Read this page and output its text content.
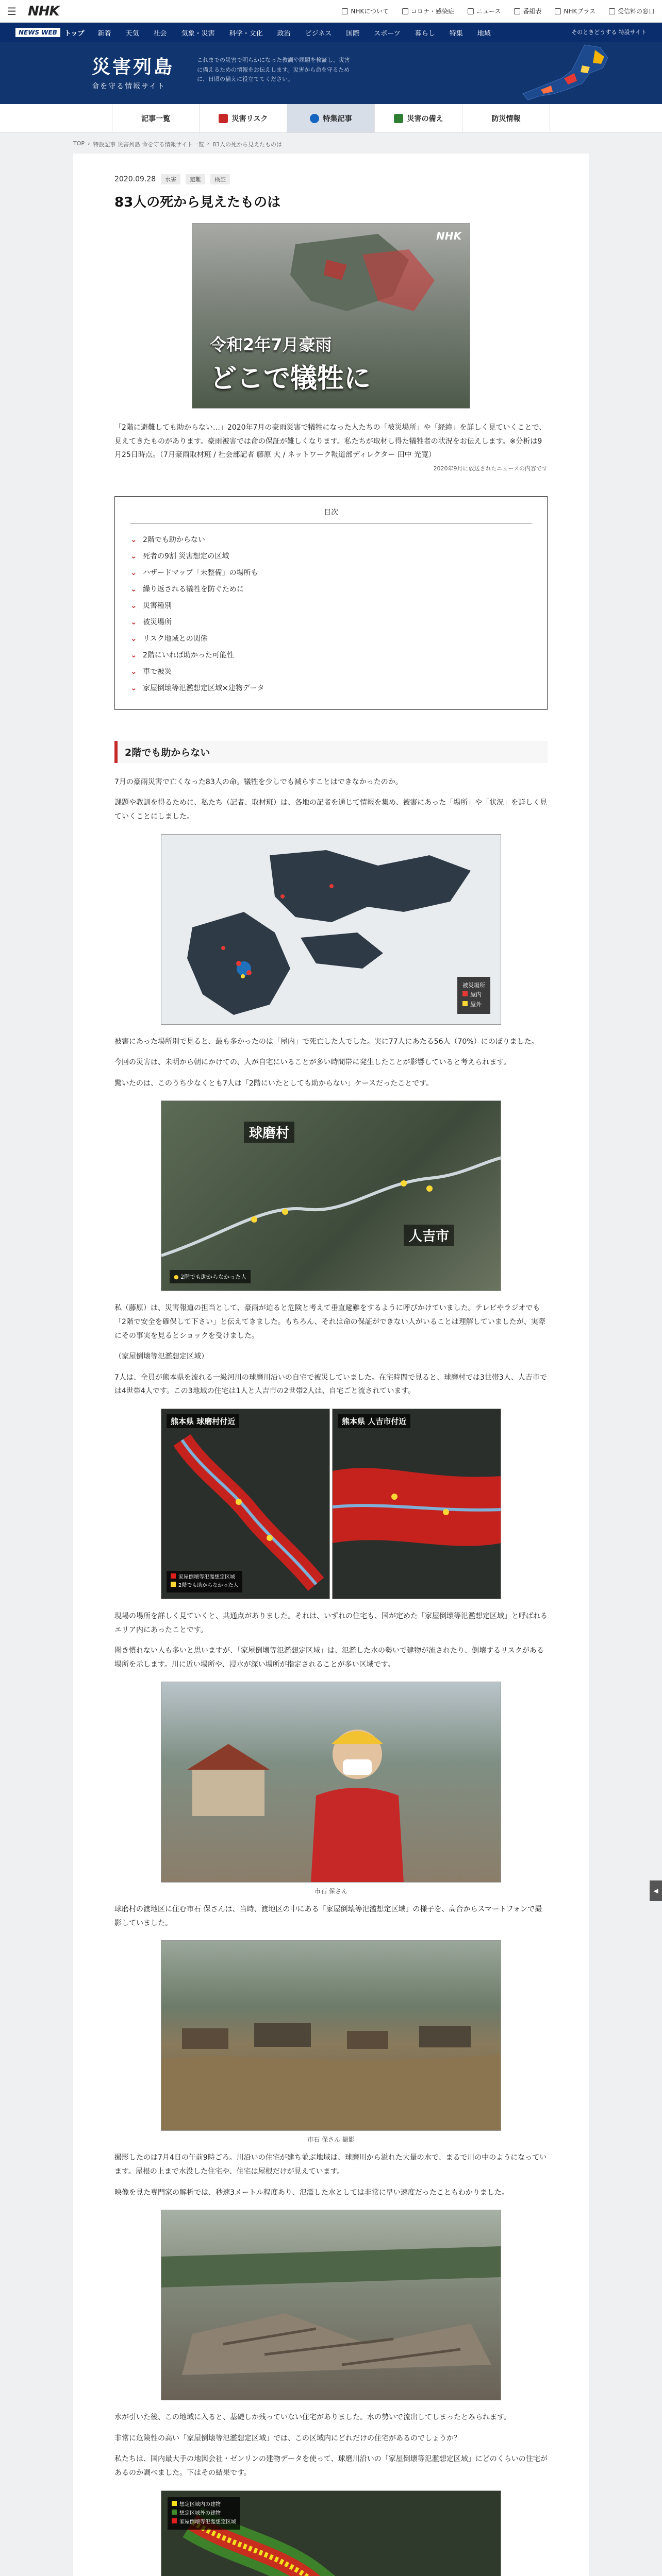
☰ NHK	NHKについて	コロナ・感染症	ニュース	番組表	NHKプラス	受信料の窓口
NEWS WEB	トップ 新着 天気 社会 気象・災害 科学・文化 政治 ビジネス 国際 スポーツ 暮らし 特集 地域	そのときどうする 特設サイト
災害列島
命を守る情報サイト
これまでの災害で明らかになった教訓や課題を検証し、災害に備えるための情報をお伝えします。災害から命を守るために、日頃の備えに役立ててください。
記事一覧	災害リスク	特集記事	災害の備え	防災情報
TOP › 特設記事 災害列島 命を守る情報サイト一覧 › 83人の死から見えたものは
2020.09.28	水害	避難	検証
83人の死から見えたものは
NHK
令和2年7月豪雨
どこで犠牲に

「2階に避難しても助からない…」2020年7月の豪雨災害で犠牲になった人たちの「被災場所」や「経緯」を詳しく見ていくことで、見えてきたものがあります。豪雨被害では命の保証が難しくなります。私たちが取材し得た犠牲者の状況をお伝えします。※分析は9月25日時点。（7月豪雨取材班 / 社会部記者 藤原 大 / ネットワーク報道部ディレクター 田中 光寛）

2020年9月に放送されたニュースの内容です
目次
⌄ 2階でも助からない
⌄ 死者の9割 災害想定の区域
⌄ ハザードマップ「未整備」の場所も
⌄ 繰り返される犠牲を防ぐために
⌄ 災害種別
⌄ 被災場所
⌄ リスク地域との関係
⌄ 2階にいれば助かった可能性
⌄ 車で被災
⌄ 家屋倒壊等氾濫想定区域×建物データ
2階でも助からない

7月の豪雨災害で亡くなった83人の命。犠牲を少しでも減らすことはできなかったのか。

課題や教訓を得るために、私たち（記者、取材班）は、各地の記者を通じて情報を集め、被害にあった「場所」や「状況」を詳しく見ていくことにしました。

被災場所
屋内
屋外

被害にあった場所別で見ると、最も多かったのは「屋内」で死亡した人でした。実に77人にあたる56人（70%）にのぼりました。

今回の災害は、未明から朝にかけての、人が自宅にいることが多い時間帯に発生したことが影響していると考えられます。

驚いたのは、このうち少なくとも7人は「2階にいたとしても助からない」ケースだったことです。

球磨村
人吉市
● 2階でも助からなかった人

私（藤原）は、災害報道の担当として、豪雨が迫ると危険と考えて垂直避難をするように呼びかけていました。テレビやラジオでも「2階で安全を確保して下さい」と伝えてきました。もちろん、それは命の保証ができない人がいることは理解していましたが、実際にその事実を見るとショックを受けました。

（家屋倒壊等氾濫想定区域）

7人は、全員が熊本県を流れる一級河川の球磨川沿いの自宅で被災していました。在宅時間で見ると、球磨村では3世帯3人、人吉市では4世帯4人です。この3地域の住宅は1人と人吉市の2世帯2人は、自宅ごと流されています。

熊本県 球磨村付近
家屋倒壊等氾濫想定区域
2階でも助からなかった人
熊本県 人吉市付近

現場の場所を詳しく見ていくと、共通点がありました。それは、いずれの住宅も、国が定めた「家屋倒壊等氾濫想定区域」と呼ばれるエリア内にあったことです。

聞き慣れない人も多いと思いますが、「家屋倒壊等氾濫想定区域」は、氾濫した水の勢いで建物が流されたり、倒壊するリスクがある場所を示します。川に近い場所や、浸水が深い場所が指定されることが多い区域です。

市石 保さん

球磨村の渡地区に住む市石 保さんは、当時、渡地区の中にある「家屋倒壊等氾濫想定区域」の様子を、高台からスマートフォンで撮影していました。

市石 保さん 撮影

撮影したのは7月4日の午前9時ごろ。川沿いの住宅が建ち並ぶ地域は、球磨川から溢れた大量の水で、まるで川の中のようになっています。屋根の上まで水没した住宅や、住宅は屋根だけが見えています。

映像を見た専門家の解析では、秒速3メートル程度あり、氾濫した水としては非常に早い速度だったこともわかりました。

水が引いた後、この地域に入ると、基礎しか残っていない住宅がありました。水の勢いで流出してしまったとみられます。

非常に危険性の高い「家屋倒壊等氾濫想定区域」では、この区域内にどれだけの住宅があるのでしょうか？

私たちは、国内最大手の地図会社・ゼンリンの建物データを使って、球磨川沿いの「家屋倒壊等氾濫想定区域」にどのくらいの住宅があるのか調べました。下はその結果です。

想定区域内の建物
想定区域外の建物
家屋倒壊等氾濫想定区域

◀
